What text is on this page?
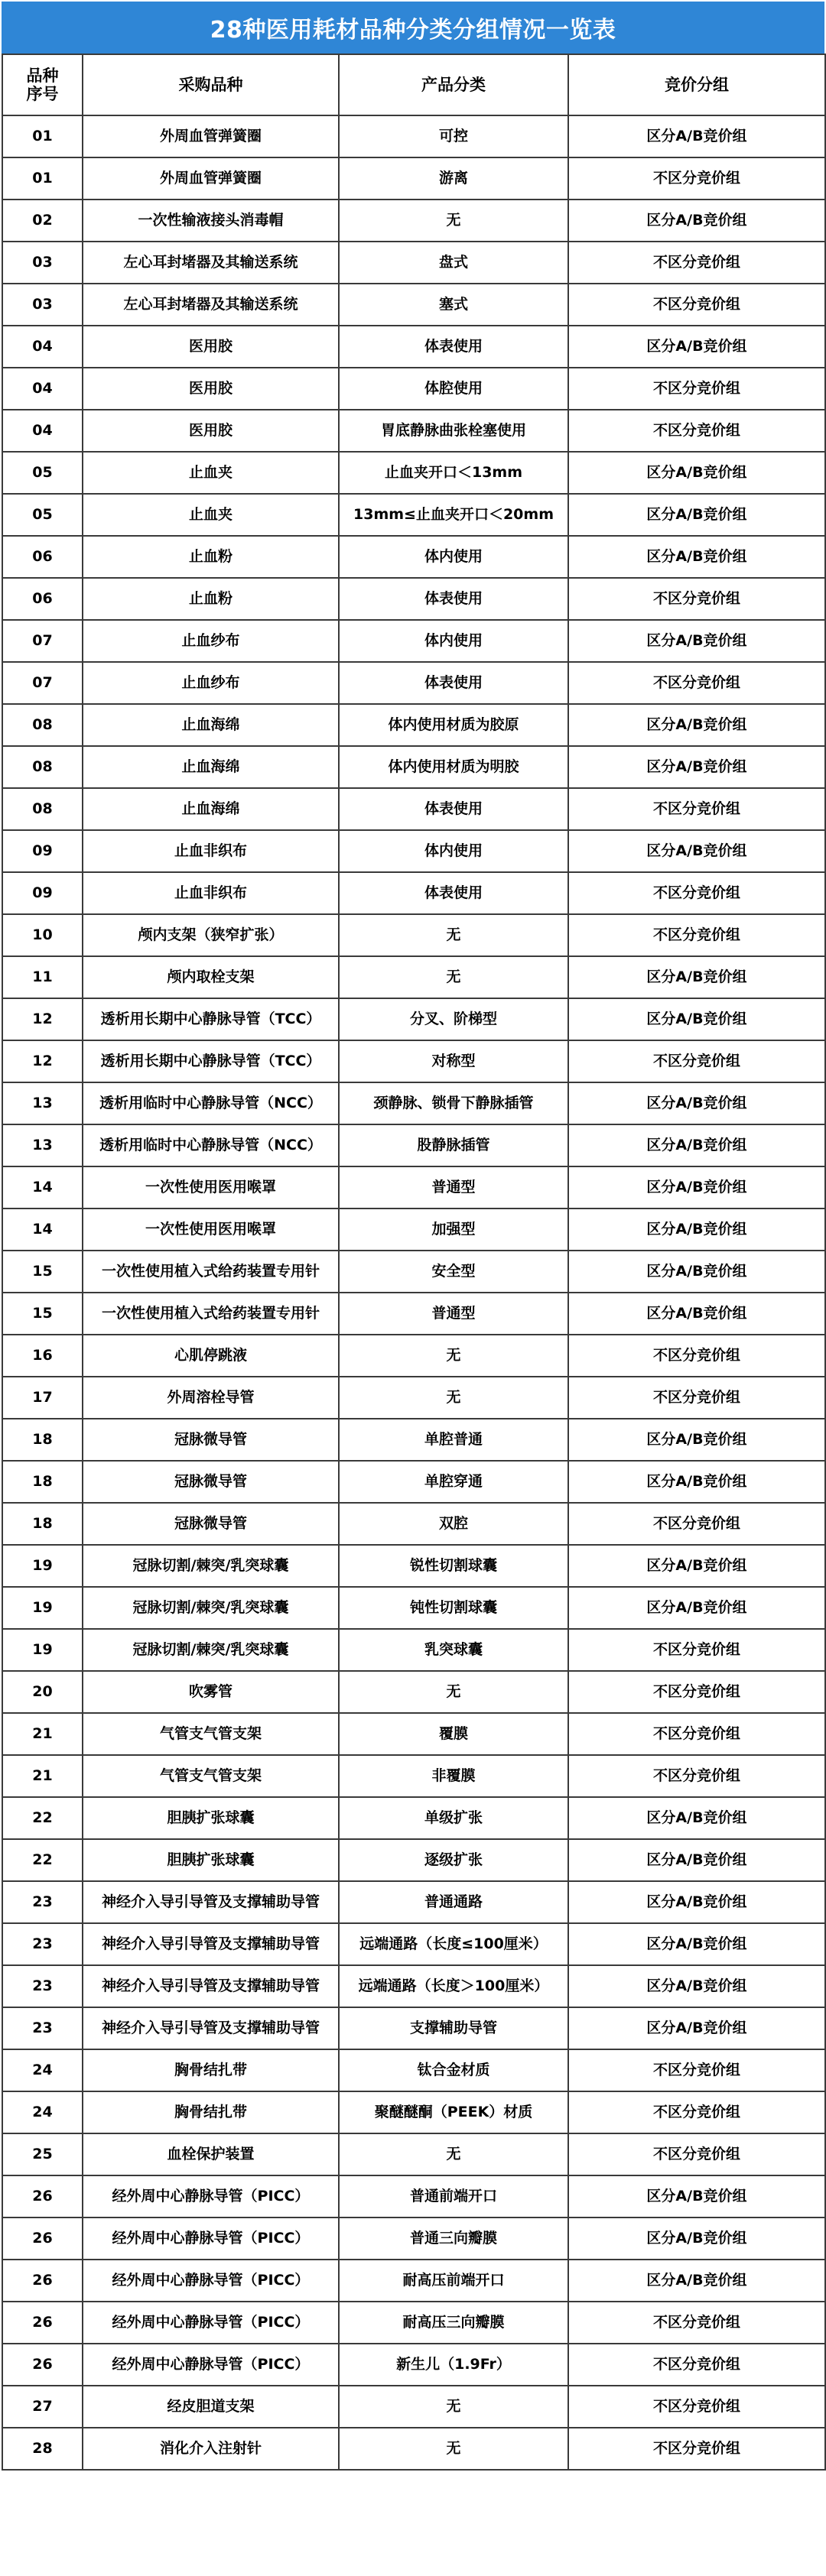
28种医用耗材品种分类分组情况一览表
品种
序号	采购品种	产品分类	竞价分组
01	外周血管弹簧圈	可控	区分A/B竞价组
01	外周血管弹簧圈	游离	不区分竞价组
02	一次性输液接头消毒帽	无	区分A/B竞价组
03	左心耳封堵器及其输送系统	盘式	不区分竞价组
03	左心耳封堵器及其输送系统	塞式	不区分竞价组
04	医用胶	体表使用	区分A/B竞价组
04	医用胶	体腔使用	不区分竞价组
04	医用胶	胃底静脉曲张栓塞使用	不区分竞价组
05	止血夹	止血夹开口＜13mm	区分A/B竞价组
05	止血夹	13mm≤止血夹开口＜20mm	区分A/B竞价组
06	止血粉	体内使用	区分A/B竞价组
06	止血粉	体表使用	不区分竞价组
07	止血纱布	体内使用	区分A/B竞价组
07	止血纱布	体表使用	不区分竞价组
08	止血海绵	体内使用材质为胶原	区分A/B竞价组
08	止血海绵	体内使用材质为明胶	区分A/B竞价组
08	止血海绵	体表使用	不区分竞价组
09	止血非织布	体内使用	区分A/B竞价组
09	止血非织布	体表使用	不区分竞价组
10	颅内支架（狭窄扩张）	无	不区分竞价组
11	颅内取栓支架	无	区分A/B竞价组
12	透析用长期中心静脉导管（TCC）	分叉、阶梯型	区分A/B竞价组
12	透析用长期中心静脉导管（TCC）	对称型	不区分竞价组
13	透析用临时中心静脉导管（NCC）	颈静脉、锁骨下静脉插管	区分A/B竞价组
13	透析用临时中心静脉导管（NCC）	股静脉插管	区分A/B竞价组
14	一次性使用医用喉罩	普通型	区分A/B竞价组
14	一次性使用医用喉罩	加强型	区分A/B竞价组
15	一次性使用植入式给药装置专用针	安全型	区分A/B竞价组
15	一次性使用植入式给药装置专用针	普通型	区分A/B竞价组
16	心肌停跳液	无	不区分竞价组
17	外周溶栓导管	无	不区分竞价组
18	冠脉微导管	单腔普通	区分A/B竞价组
18	冠脉微导管	单腔穿通	区分A/B竞价组
18	冠脉微导管	双腔	不区分竞价组
19	冠脉切割/棘突/乳突球囊	锐性切割球囊	区分A/B竞价组
19	冠脉切割/棘突/乳突球囊	钝性切割球囊	区分A/B竞价组
19	冠脉切割/棘突/乳突球囊	乳突球囊	不区分竞价组
20	吹雾管	无	不区分竞价组
21	气管支气管支架	覆膜	不区分竞价组
21	气管支气管支架	非覆膜	不区分竞价组
22	胆胰扩张球囊	单级扩张	区分A/B竞价组
22	胆胰扩张球囊	逐级扩张	区分A/B竞价组
23	神经介入导引导管及支撑辅助导管	普通通路	区分A/B竞价组
23	神经介入导引导管及支撑辅助导管	远端通路（长度≤100厘米）	区分A/B竞价组
23	神经介入导引导管及支撑辅助导管	远端通路（长度＞100厘米）	区分A/B竞价组
23	神经介入导引导管及支撑辅助导管	支撑辅助导管	区分A/B竞价组
24	胸骨结扎带	钛合金材质	不区分竞价组
24	胸骨结扎带	聚醚醚酮（PEEK）材质	不区分竞价组
25	血栓保护装置	无	不区分竞价组
26	经外周中心静脉导管（PICC）	普通前端开口	区分A/B竞价组
26	经外周中心静脉导管（PICC）	普通三向瓣膜	区分A/B竞价组
26	经外周中心静脉导管（PICC）	耐高压前端开口	区分A/B竞价组
26	经外周中心静脉导管（PICC）	耐高压三向瓣膜	不区分竞价组
26	经外周中心静脉导管（PICC）	新生儿（1.9Fr）	不区分竞价组
27	经皮胆道支架	无	不区分竞价组
28	消化介入注射针	无	不区分竞价组
